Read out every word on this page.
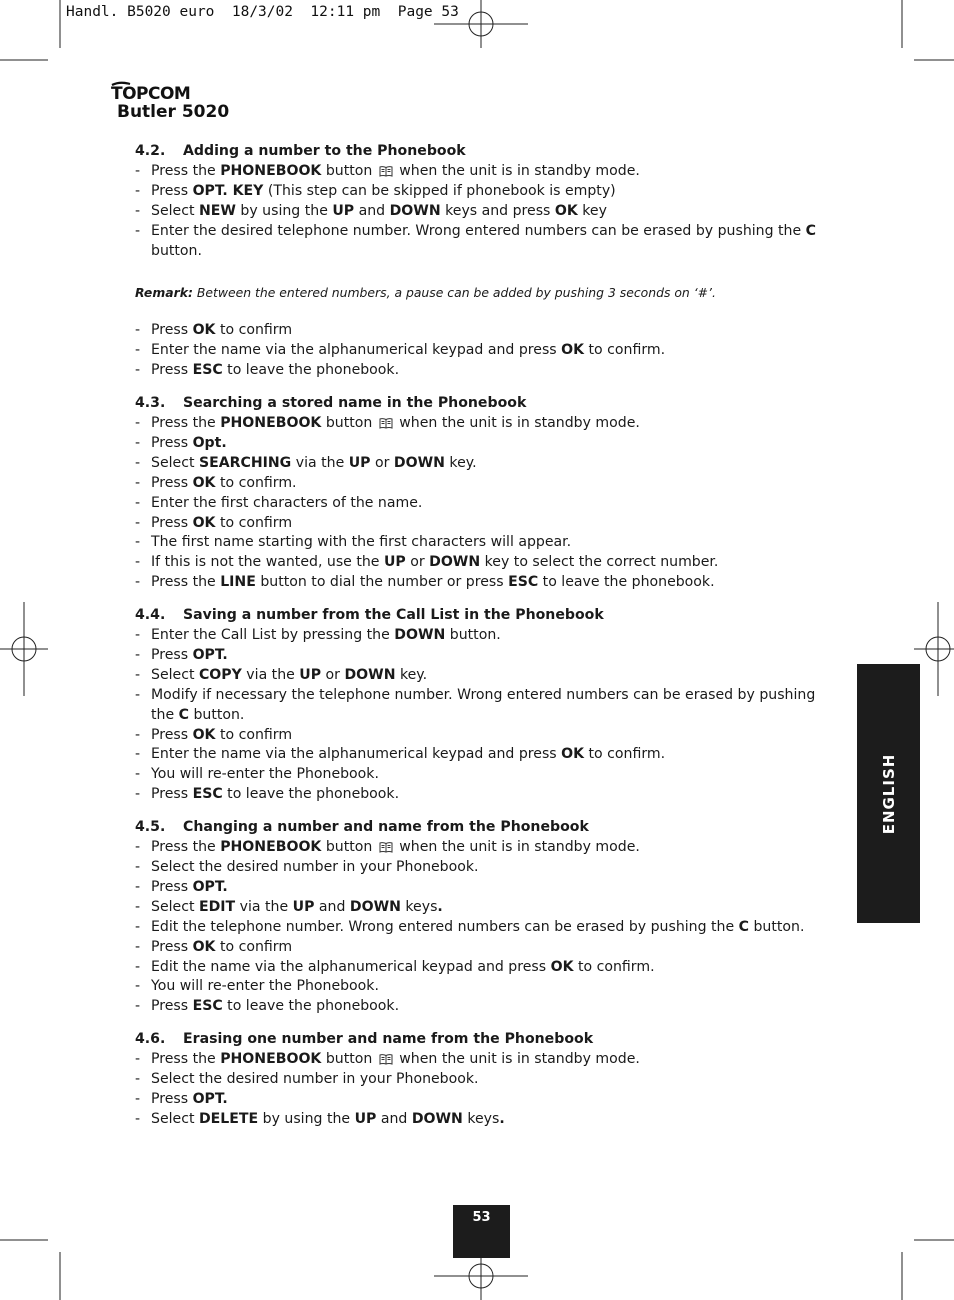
Handl. B5020 euro  18/3/02  12:11 pm  Page 53
TOPCOM
Butler 5020

4.2. Adding a number to the Phonebook

- Press the PHONEBOOK button  when the unit is in standby mode.
- Press OPT. KEY (This step can be skipped if phonebook is empty)
- Select NEW by using the UP and DOWN keys and press OK key
- Enter the desired telephone number. Wrong entered numbers can be erased by pushing the C button.

Remark: Between the entered numbers, a pause can be added by pushing 3 seconds on ‘#’.

- Press OK to confirm
- Enter the name via the alphanumerical keypad and press OK to confirm.
- Press ESC to leave the phonebook.

4.3. Searching a stored name in the Phonebook

- Press the PHONEBOOK button  when the unit is in standby mode.
- Press Opt.
- Select SEARCHING via the UP or DOWN key.
- Press OK to confirm.
- Enter the first characters of the name.
- Press OK to confirm
- The first name starting with the first characters will appear.
- If this is not the wanted, use the UP or DOWN key to select the correct number.
- Press the LINE button to dial the number or press ESC to leave the phonebook.

4.4. Saving a number from the Call List in the Phonebook

- Enter the Call List by pressing the DOWN button.
- Press OPT.
- Select COPY via the UP or DOWN key.
- Modify if necessary the telephone number. Wrong entered numbers can be erased by pushing the C button.
- Press OK to confirm
- Enter the name via the alphanumerical keypad and press OK to confirm.
- You will re-enter the Phonebook.
- Press ESC to leave the phonebook.

4.5. Changing a number and name from the Phonebook

- Press the PHONEBOOK button  when the unit is in standby mode.
- Select the desired number in your Phonebook.
- Press OPT.
- Select EDIT via the UP and DOWN keys.
- Edit the telephone number. Wrong entered numbers can be erased by pushing the C button.
- Press OK to confirm
- Edit the name via the alphanumerical keypad and press OK to confirm.
- You will re-enter the Phonebook.
- Press ESC to leave the phonebook.

4.6. Erasing one number and name from the Phonebook

- Press the PHONEBOOK button  when the unit is in standby mode.
- Select the desired number in your Phonebook.
- Press OPT.
- Select DELETE by using the UP and DOWN keys.
ENGLISH
53
